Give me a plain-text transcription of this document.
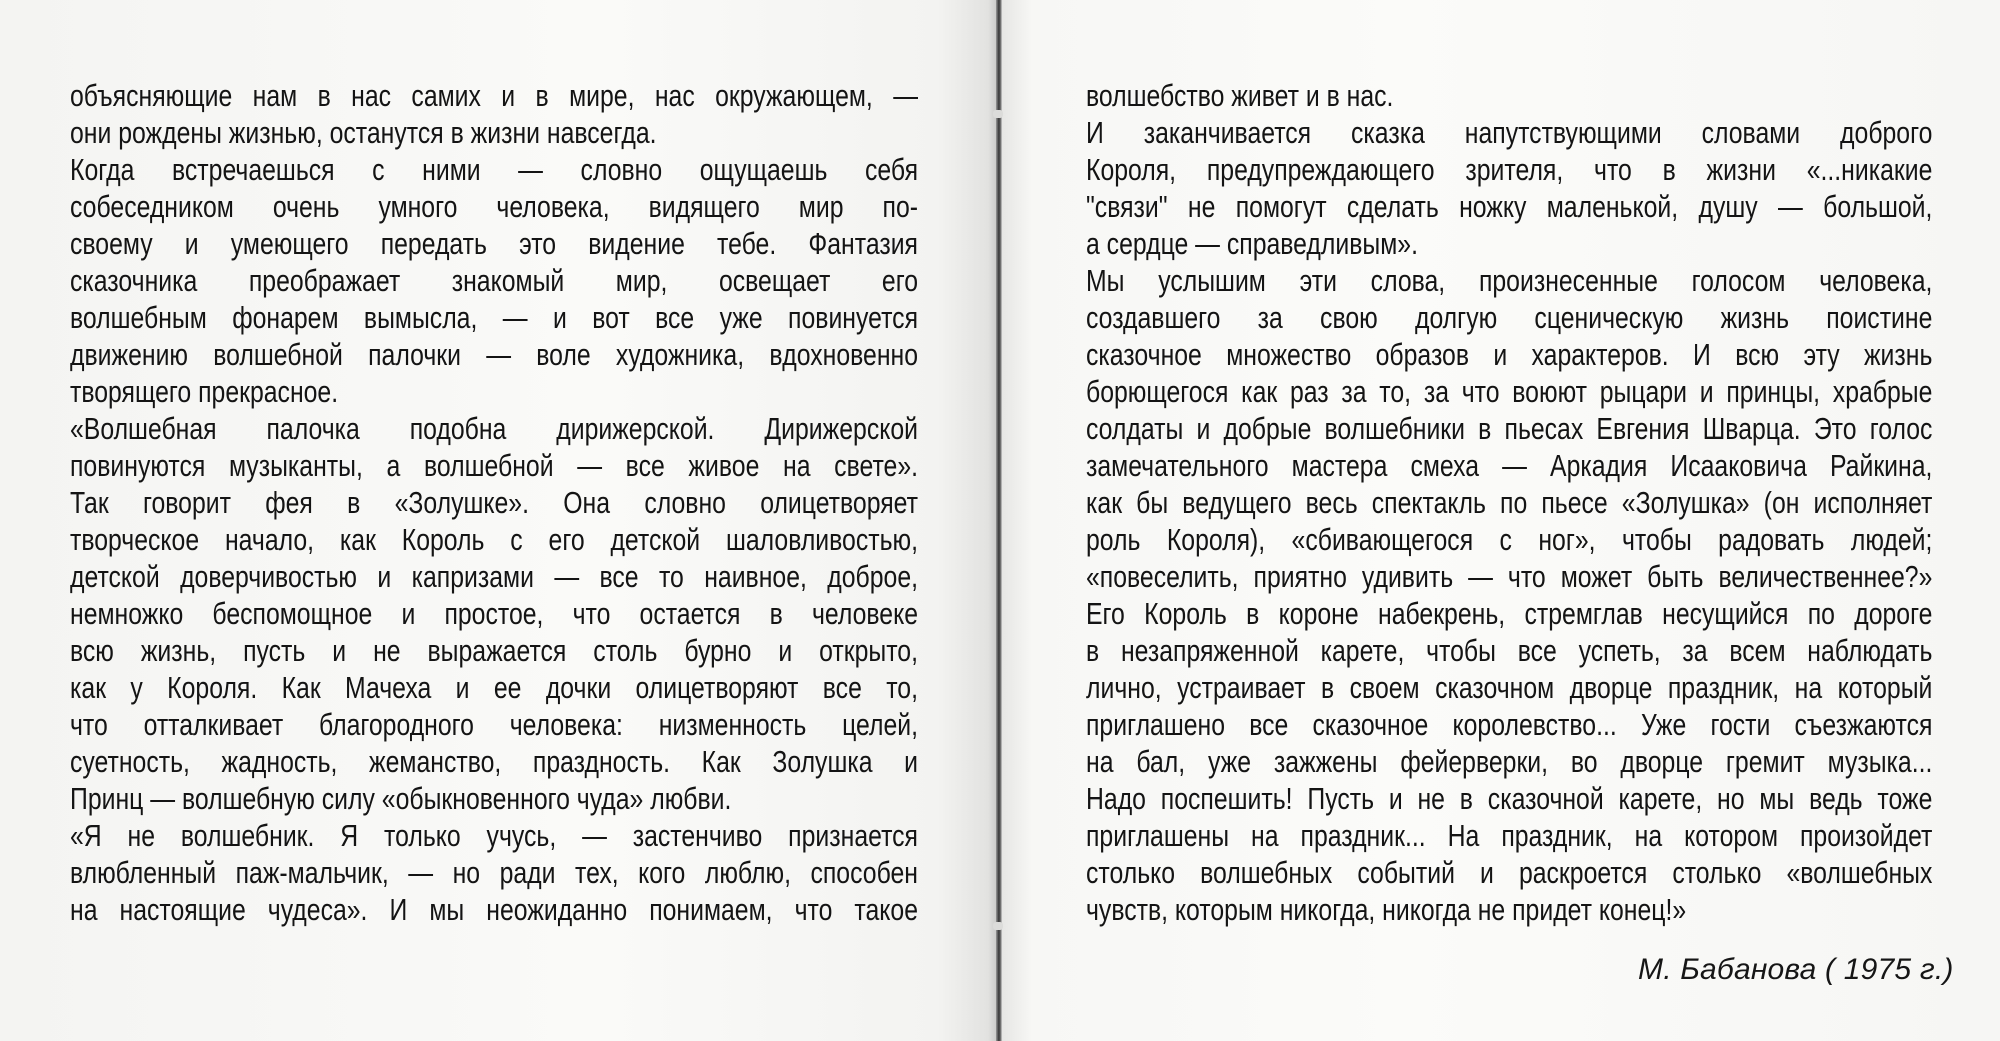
объясняющие нам в нас самих и в мире, нас окружающем, —
они рождены жизнью, останутся в жизни навсегда.
Когда встречаешься с ними — словно ощущаешь себя
собеседником очень умного человека, видящего мир по-
своему и умеющего передать это видение тебе. Фантазия
сказочника преображает знакомый мир, освещает его
волшебным фонарем вымысла, — и вот все уже повинуется
движению волшебной палочки — воле художника, вдохновенно
творящего прекрасное.
«Волшебная палочка подобна дирижерской. Дирижерской
повинуются музыканты, а волшебной — все живое на свете».
Так говорит фея в «Золушке». Она словно олицетворяет
творческое начало, как Король с его детской шаловливостью,
детской доверчивостью и капризами — все то наивное, доброе,
немножко беспомощное и простое, что остается в человеке
всю жизнь, пусть и не выражается столь бурно и открыто,
как у Короля. Как Мачеха и ее дочки олицетворяют все то,
что отталкивает благородного человека: низменность целей,
суетность, жадность, жеманство, праздность. Как Золушка и
Принц — волшебную силу «обыкновенного чуда» любви.
«Я не волшебник. Я только учусь, — застенчиво признается
влюбленный паж-мальчик, — но ради тех, кого люблю, способен
на настоящие чудеса». И мы неожиданно понимаем, что такое
волшебство живет и в нас.
И заканчивается сказка напутствующими словами доброго
Короля, предупреждающего зрителя, что в жизни «...никакие
"связи" не помогут сделать ножку маленькой, душу — большой,
а сердце — справедливым».
Мы услышим эти слова, произнесенные голосом человека,
создавшего за свою долгую сценическую жизнь поистине
сказочное множество образов и характеров. И всю эту жизнь
борющегося как раз за то, за что воюют рыцари и принцы, храбрые
солдаты и добрые волшебники в пьесах Евгения Шварца. Это голос
замечательного мастера смеха — Аркадия Исааковича Райкина,
как бы ведущего весь спектакль по пьесе «Золушка» (он исполняет
роль Короля), «сбивающегося с ног», чтобы радовать людей;
«повеселить, приятно удивить — что может быть величественнее?»
Его Король в короне набекрень, стремглав несущийся по дороге
в незапряженной карете, чтобы все успеть, за всем наблюдать
лично, устраивает в своем сказочном дворце праздник, на который
приглашено все сказочное королевство... Уже гости съезжаются
на бал, уже зажжены фейерверки, во дворце гремит музыка...
Надо поспешить! Пусть и не в сказочной карете, но мы ведь тоже
приглашены на праздник... На праздник, на котором произойдет
столько волшебных событий и раскроется столько «волшебных
чувств, которым никогда, никогда не придет конец!»
М. Бабанова ( 1975 г.)
